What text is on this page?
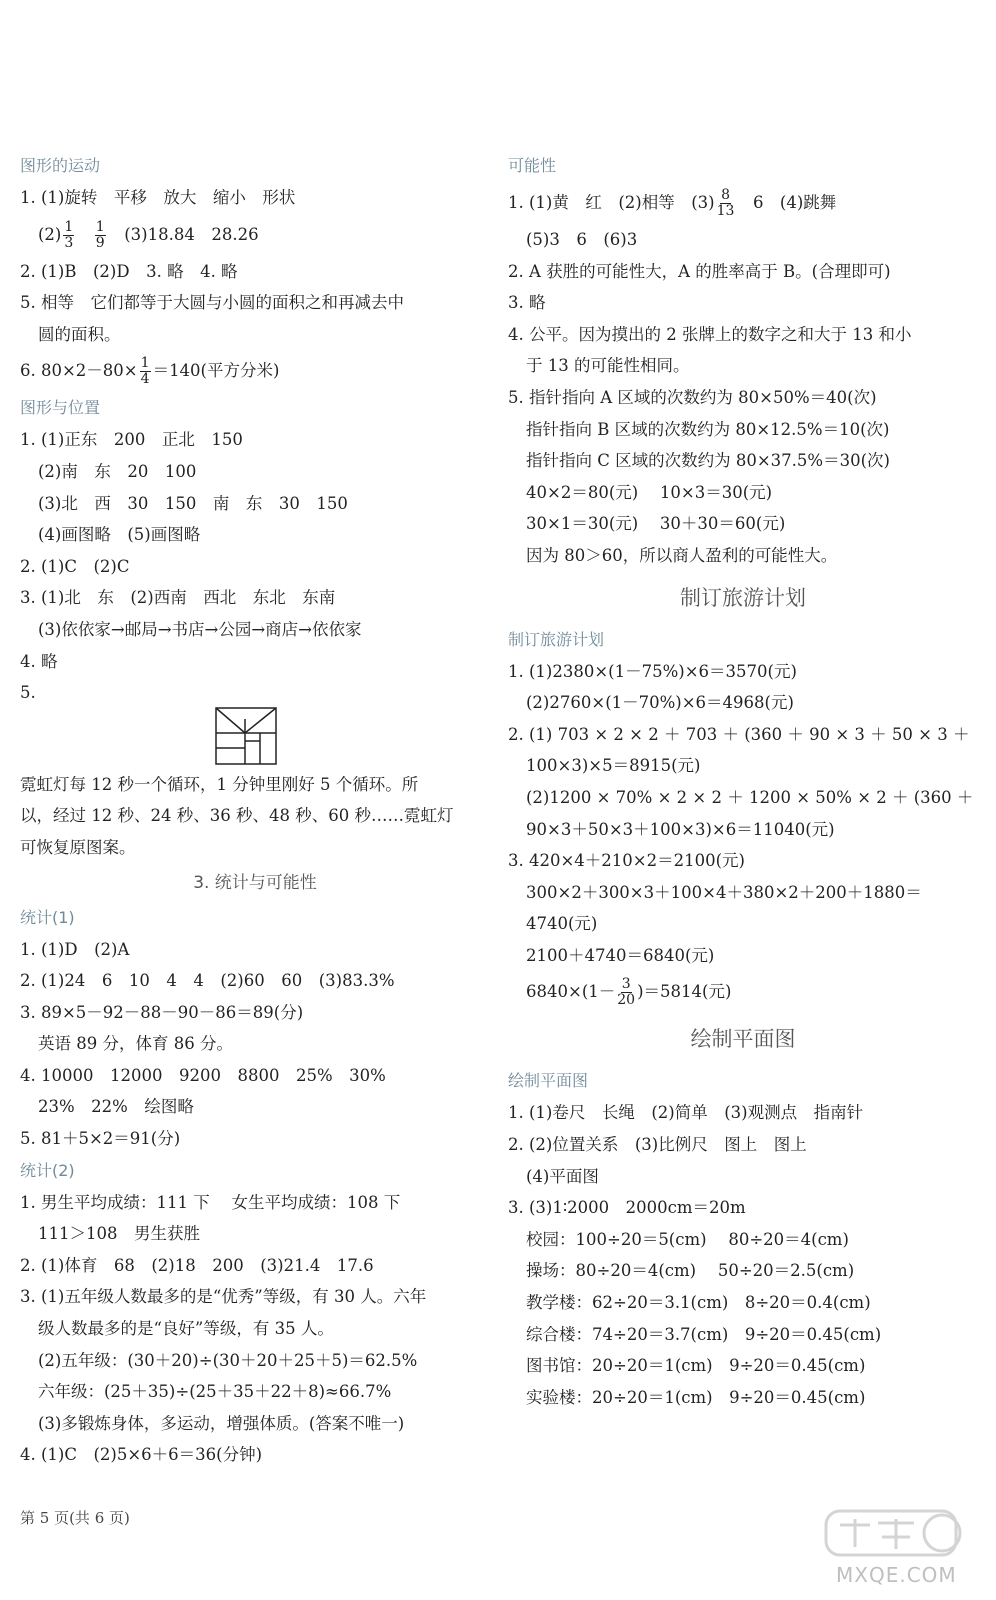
图形的运动
1. (1)旋转　平移　放大　缩小　形状
$(2) \frac{1}{3}$
　 $\frac{1}{9}$
　 (3)18.84　28.26
2. (1)B　(2)D　3. 略　4. 略
5. 相等　它们都等于大圆与小圆的面积之和再减去中
圆的面积。
6. $80\times 2-80\times \frac{1}{4} =140$(平方分米)
图形与位置
1. (1)正东　200　正北　150
(2)南　东　20　100
(3)北　西　30　150　南　东　30　150
(4)画图略　(5)画图略
2. (1)C　(2)C
3. (1)北　东　(2)西南　西北　东北　东南
(3)依依家→邮局→书店→公园→商店→依依家
4. 略
5.
霓虹灯每 12 秒一个循环，1 分钟里刚好 5 个循环。所
以，经过 12 秒、24 秒、36 秒、48 秒、60 秒……霓虹灯
可恢复原图案。
3. 统计与可能性
统计(1)
1. (1)D　(2)A
2. (1)24　6　10　4　4　(2)60　60　(3)83.3%
3. 89×5－92－88－90－86＝89(分)
英语 89 分，体育 86 分。
4. 10000　12000　9200　8800　25%　30%
23%　22%　绘图略
5. 81＋5×2＝91(分)
统计(2)
1. 男生平均成绩：111 下　 女生平均成绩：108 下
111＞108　男生获胜
2. (1)体育　68　(2)18　200　(3)21.4　17.6
3. (1)五年级人数最多的是“优秀”等级，有 30 人。六年
级人数最多的是“良好”等级，有 35 人。
(2)五年级：(30＋20)÷(30＋20＋25＋5)＝62.5%
六年级：(25＋35)÷(25＋35＋22＋8)≈66.7%
(3)多锻炼身体，多运动，增强体质。(答案不唯一)
4. (1)C　(2)5×6＋6＝36(分钟)
可能性
1. (1)黄　红　(2)相等　$(3) \frac{8}{13}$ 　6　(4)跳舞
(5)3　6　(6)3
2. A 获胜的可能性大，A 的胜率高于 B。(合理即可)
3. 略
4. 公平。因为摸出的 2 张牌上的数字之和大于 13 和小
于 13 的可能性相同。
5. 指针指向 A 区域的次数约为 80×50%＝40(次)
指针指向 B 区域的次数约为 80×12.5%＝10(次)
指针指向 C 区域的次数约为 80×37.5%＝30(次)
40×2＝80(元)　 10×3＝30(元)
30×1＝30(元)　 30＋30＝60(元)
因为 80＞60，所以商人盈利的可能性大。
制订旅游计划
制订旅游计划
1. (1)2380×(1－75%)×6＝3570(元)
(2)2760×(1－70%)×6＝4968(元)
2. (1) 703 × 2 × 2 ＋ 703 ＋ (360 ＋ 90 × 3 ＋ 50 × 3 ＋
100×3)×5＝8915(元)
(2)1200 × 70% × 2 × 2 ＋ 1200 × 50% × 2 ＋ (360 ＋
90×3＋50×3＋100×3)×6＝11040(元)
3. 420×4＋210×2＝2100(元)
300×2＋300×3＋100×4＋380×2＋200＋1880＝
4740(元)
2100＋4740＝6840(元)
$6840\times(1- \frac{3}{20} )=5814$(元)
绘制平面图
绘制平面图
1. (1)卷尺　长绳　(2)简单　(3)观测点　指南针
2. (2)位置关系　(3)比例尺　图上　图上
(4)平面图
3. (3)1∶2000　2000cm＝20m
校园：100÷20＝5(cm)　 80÷20＝4(cm)
操场：80÷20＝4(cm)　 50÷20＝2.5(cm)
教学楼：62÷20＝3.1(cm)　8÷20＝0.4(cm)
综合楼：74÷20＝3.7(cm)　9÷20＝0.45(cm)
图书馆：20÷20＝1(cm)　9÷20＝0.45(cm)
实验楼：20÷20＝1(cm)　9÷20＝0.45(cm)
第 5 页(共 6 页)
MXQE.COM
